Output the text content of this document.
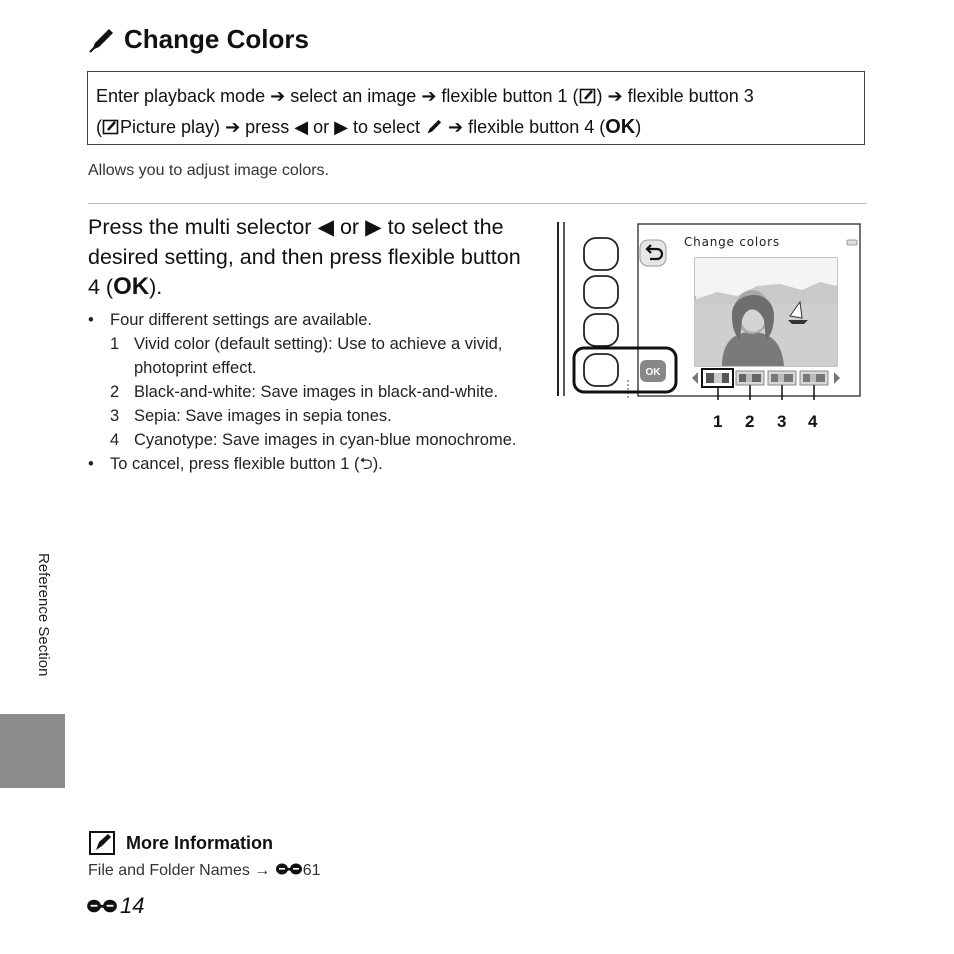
Change Colors
Enter playback mode ➔ select an image ➔ flexible button 1 ( ) ➔ flexible button 3
( Picture play) ➔ press ◀ or ▶ to select ➔ flexible button 4 (OK)
Allows you to adjust image colors.
Press the multi selector ◀ or ▶ to select the desired setting, and then press flexible button 4 (OK).
• Four different settings are available.
1 Vivid color (default setting): Use to achieve a vivid, photoprint effect.
2 Black-and-white: Save images in black-and-white.
3 Sepia: Save images in sepia tones.
4 Cyanotype: Save images in cyan-blue monochrome.
• To cancel, press flexible button 1 (⮌).
OK
Change colors
1 2 3 4
Reference Section
More Information
File and Folder Names → 61
14
